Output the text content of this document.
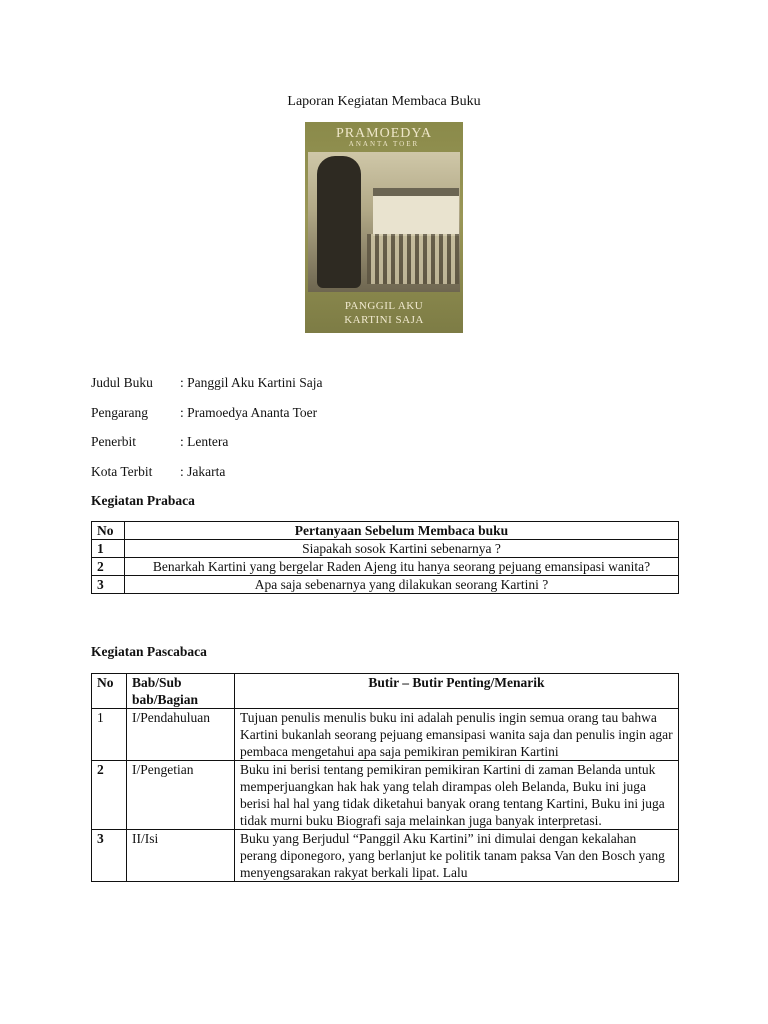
Laporan Kegiatan Membaca Buku
PRAMOEDYA
ANANTA TOER
PANGGIL AKU
KARTINI SAJA
Judul Buku	: Panggil Aku Kartini Saja
Pengarang	: Pramoedya Ananta Toer
Penerbit	: Lentera
Kota Terbit	: Jakarta
Kegiatan Prabaca
No	Pertanyaan Sebelum Membaca buku
1	Siapakah sosok Kartini sebenarnya ?
2	Benarkah Kartini yang bergelar Raden Ajeng itu hanya seorang pejuang emansipasi wanita?
3	Apa saja sebenarnya yang dilakukan seorang Kartini ?
Kegiatan Pascabaca
No	Bab/Sub bab/Bagian	Butir – Butir Penting/Menarik
1	I/Pendahuluan	Tujuan penulis menulis buku ini adalah penulis ingin semua orang tau bahwa Kartini bukanlah seorang pejuang emansipasi wanita saja dan penulis ingin agar pembaca mengetahui apa saja pemikiran pemikiran Kartini
2	I/Pengetian	Buku ini berisi tentang pemikiran pemikiran Kartini di zaman Belanda untuk memperjuangkan hak hak yang telah dirampas oleh Belanda, Buku ini juga berisi hal hal yang tidak diketahui banyak orang tentang Kartini, Buku ini juga tidak murni buku Biografi saja melainkan juga banyak interpretasi.
3	II/Isi	Buku yang Berjudul “Panggil Aku Kartini” ini dimulai dengan kekalahan perang diponegoro, yang berlanjut ke politik tanam paksa Van den Bosch yang menyengsarakan rakyat berkali lipat. Lalu
